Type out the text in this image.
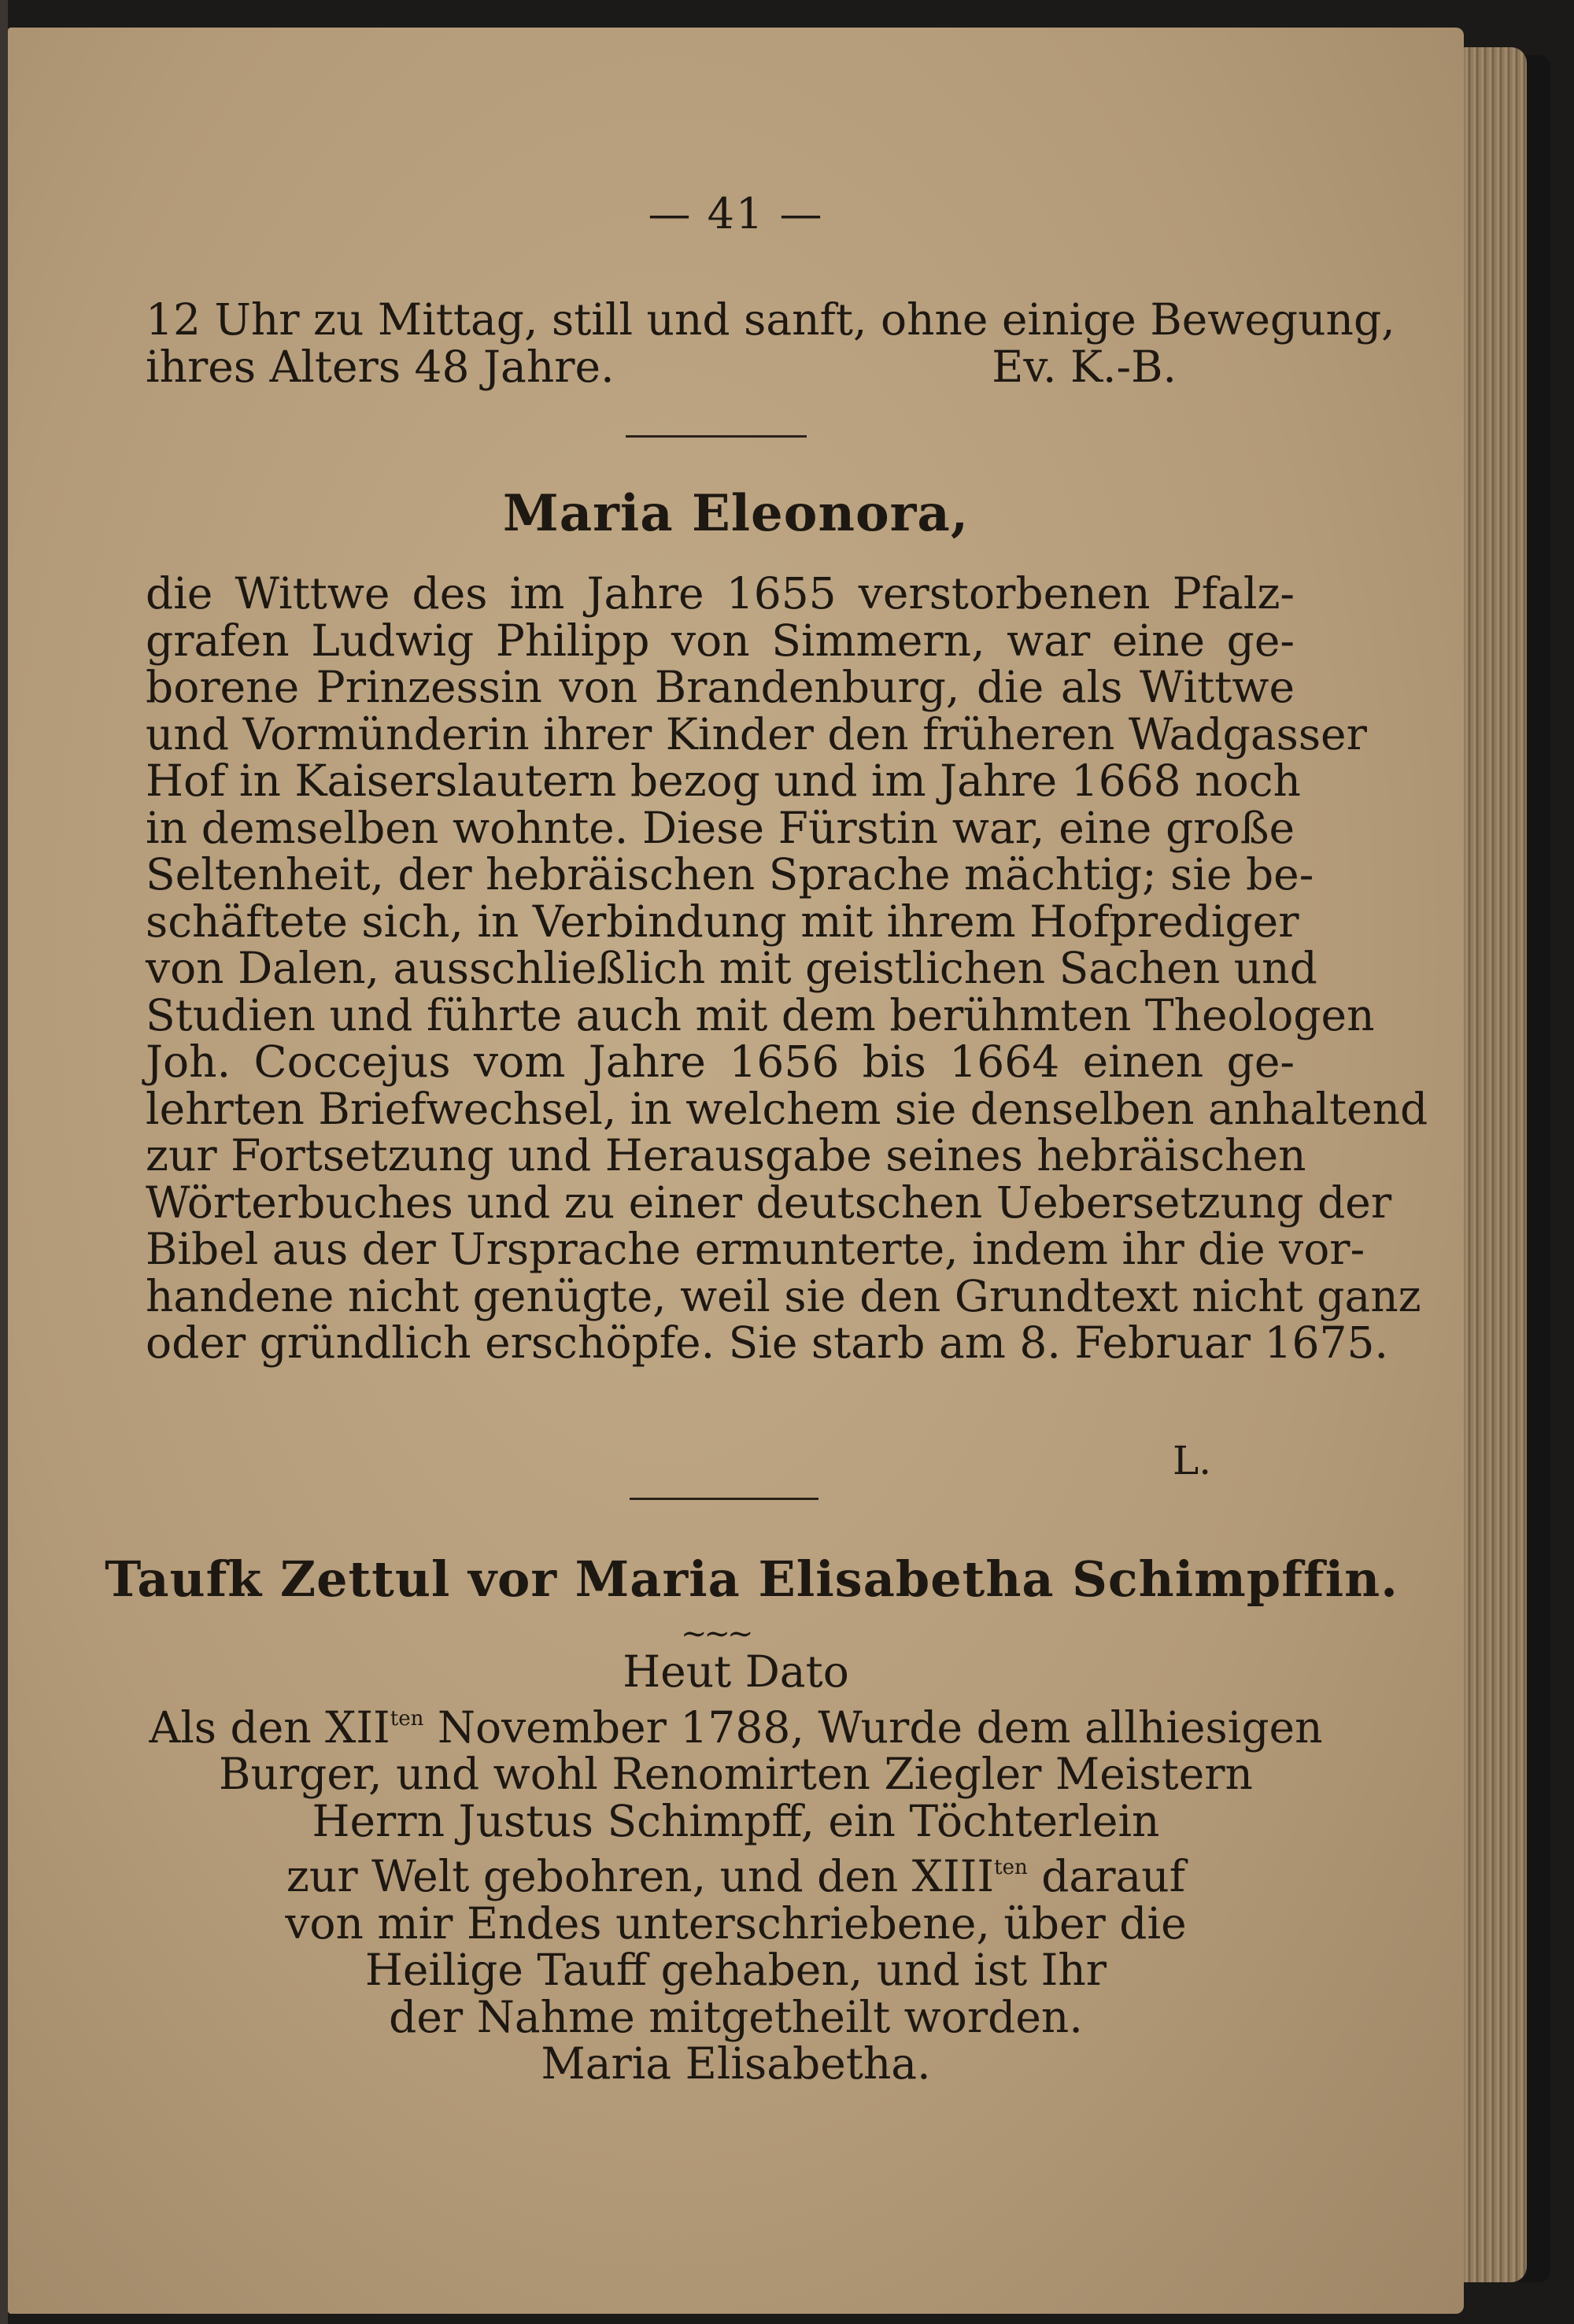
— 41 —
12 Uhr zu Mittag, still und sanft, ohne einige Bewegung,
ihres Alters 48 Jahre.	Ev. K.-B.
Maria Eleonora,
die Wittwe des im Jahre 1655 verstorbenen Pfalz-
grafen Ludwig Philipp von Simmern, war eine ge-
borene Prinzessin von Brandenburg, die als Wittwe
und Vormünderin ihrer Kinder den früheren Wadgasser
Hof in Kaiserslautern bezog und im Jahre 1668 noch
in demselben wohnte. Diese Fürstin war, eine große
Seltenheit, der hebräischen Sprache mächtig; sie be-
schäftete sich, in Verbindung mit ihrem Hofprediger
von Dalen, ausschließlich mit geistlichen Sachen und
Studien und führte auch mit dem berühmten Theologen
Joh. Coccejus vom Jahre 1656 bis 1664 einen ge-
lehrten Briefwechsel, in welchem sie denselben anhaltend
zur Fortsetzung und Herausgabe seines hebräischen
Wörterbuches und zu einer deutschen Uebersetzung der
Bibel aus der Ursprache ermunterte, indem ihr die vor-
handene nicht genügte, weil sie den Grundtext nicht ganz
oder gründlich erschöpfe. Sie starb am 8. Februar 1675.
L.
Taufk Zettul vor Maria Elisabetha Schimpffin.
~~~
Heut Dato
Als den $XII^{ten}$ November 1788, Wurde dem allhiesigen
Burger, und wohl Renomirten Ziegler Meistern
Herrn Justus Schimpff, ein Töchterlein
zur Welt gebohren, und den $XIII^{ten}$ darauf
von mir Endes unterschriebene, über die
Heilige Tauff gehaben, und ist Ihr
der Nahme mitgetheilt worden.
Maria Elisabetha.
